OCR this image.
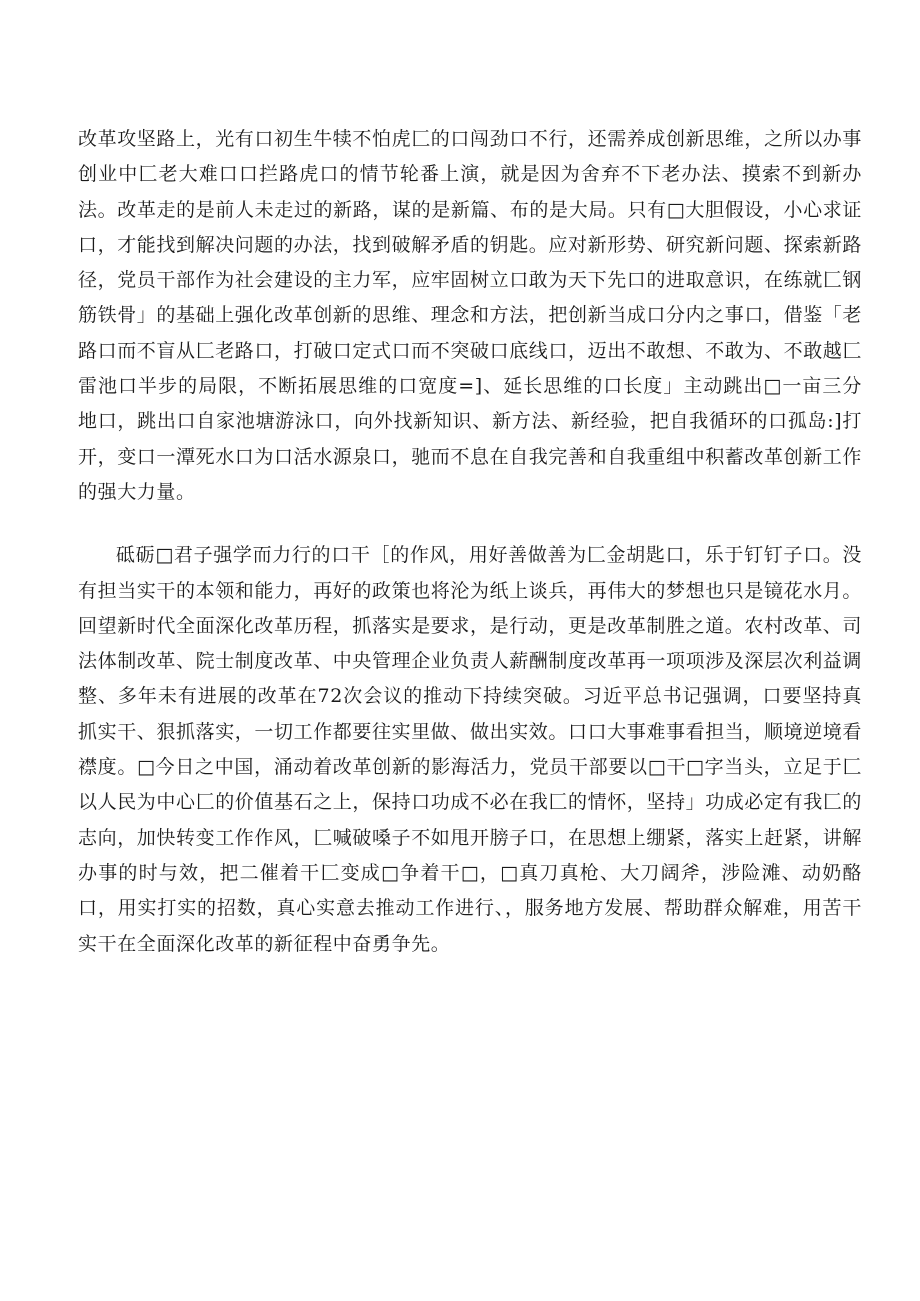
改革攻坚路上，光有口初生牛犊不怕虎匚的口闯劲口不行，还需养成创新思维，之所以办事创业中匚老大难口口拦路虎口的情节轮番上演，就是因为舍弃不下老办法、摸索不到新办法。改革走的是前人未走过的新路，谋的是新篇、布的是大局。只有□大胆假设，小心求证口，才能找到解决问题的办法，找到破解矛盾的钥匙。应对新形势、研究新问题、探索新路径，党员干部作为社会建设的主力军，应牢固树立口敢为天下先口的进取意识，在练就匚钢筋铁骨」的基础上强化改革创新的思维、理念和方法，把创新当成口分内之事口，借鉴「老路口而不盲从匚老路口，打破口定式口而不突破口底线口，迈出不敢想、不敢为、不敢越匚雷池口半步的局限，不断拓展思维的口宽度=]、延长思维的口长度」主动跳出□一亩三分地口，跳出口自家池塘游泳口，向外找新知识、新方法、新经验，把自我循环的口孤岛:]打开，变口一潭死水口为口活水源泉口，驰而不息在自我完善和自我重组中积蓄改革创新工作的强大力量。

砥砺□君子强学而力行的口干［的作风，用好善做善为匚金胡匙口，乐于钉钉子口。没有担当实干的本领和能力，再好的政策也将沦为纸上谈兵，再伟大的梦想也只是镜花水月。回望新时代全面深化改革历程，抓落实是要求，是行动，更是改革制胜之道。农村改革、司法体制改革、院士制度改革、中央管理企业负责人薪酬制度改革再一项项涉及深层次利益调整、多年未有进展的改革在72次会议的推动下持续突破。习近平总书记强调，口要坚持真抓实干、狠抓落实，一切工作都要往实里做、做出实效。口口大事难事看担当，顺境逆境看襟度。□今日之中国，涌动着改革创新的影海活力，党员干部要以□干□字当头，立足于匚以人民为中心匚的价值基石之上，保持口功成不必在我匚的情怀，坚持」功成必定有我匚的志向，加快转变工作作风，匚喊破嗓子不如甩开膀子口，在思想上绷紧，落实上赶紧，讲解办事的时与效，把二催着干匚变成□争着干□，□真刀真枪、大刀阔斧，涉险滩、动奶酪口，用实打实的招数，真心实意去推动工作进行、，服务地方发展、帮助群众解难，用苦干实干在全面深化改革的新征程中奋勇争先。
